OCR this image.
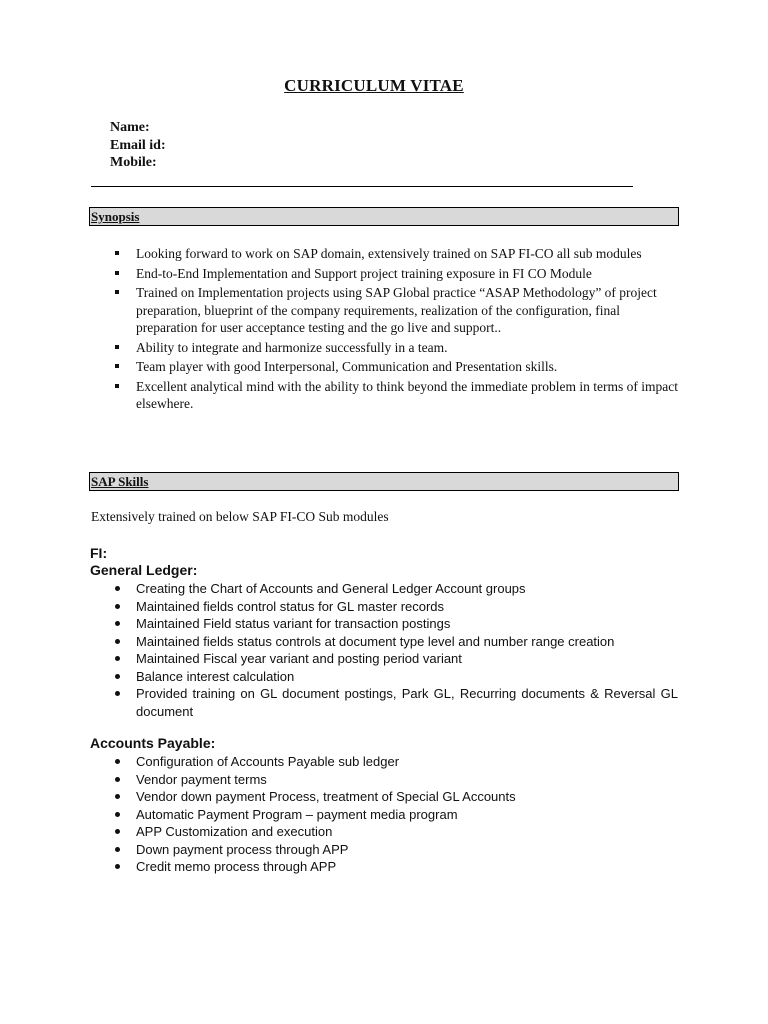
CURRICULUM VITAE
Name:
Email id:
Mobile:
Synopsis
Looking forward to work on SAP domain, extensively trained on SAP FI-CO all sub modules
End-to-End Implementation and Support project training exposure in FI CO Module
Trained on Implementation projects using SAP Global practice “ASAP Methodology” of project preparation, blueprint of the company requirements, realization of the configuration, final preparation for user acceptance testing and the go live and support..
Ability to integrate and harmonize successfully in a team.
Team player with good Interpersonal, Communication and Presentation skills.
Excellent analytical mind with the ability to think beyond the immediate problem in terms of impact elsewhere.
SAP Skills
Extensively trained on below SAP FI-CO Sub modules
FI:
General Ledger:
Creating the Chart of Accounts and General Ledger Account groups
Maintained fields control status for GL master records
Maintained Field status variant for transaction postings
Maintained fields status controls at document type level and number range creation
Maintained Fiscal year variant and posting period variant
Balance interest calculation
Provided training on GL document postings, Park GL, Recurring documents & Reversal GL document
Accounts Payable:
Configuration of Accounts Payable sub ledger
Vendor payment terms
Vendor down payment Process, treatment of Special GL Accounts
Automatic Payment Program – payment media program
APP Customization and execution
Down payment process through APP
Credit memo process through APP
